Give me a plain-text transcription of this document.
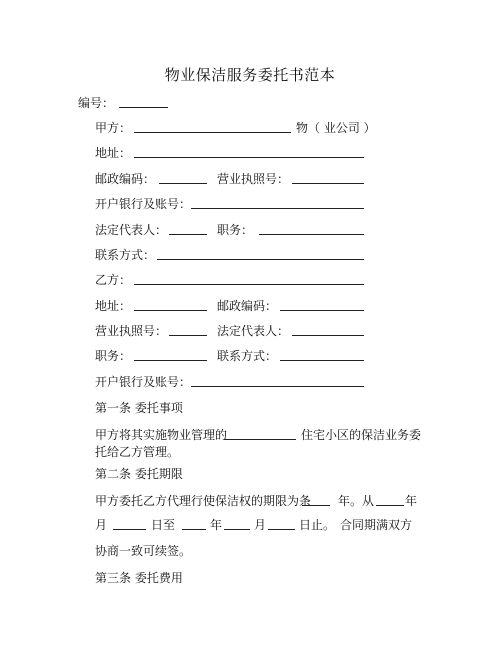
物业保洁服务委托书范本
编号：
甲方：	物（ 业公司 ）
地址：
邮政编码：	营业执照号：
开户银行及账号：
法定代表人：	职务：
联系方式：
乙方：
地址：	邮政编码：
营业执照号：	法定代表人：
职务：	联系方式：
开户银行及账号：
第一条 委托事项
甲方将其实施物业管理的	住宅小区的保洁业务委
托给乙方管理。
第二条 委托期限
甲方委托乙方代理行使保洁权的期限为条 年。从	年
月	日至	年	月	日止。 合同期满双方
协商一致可续签。
第三条 委托费用
